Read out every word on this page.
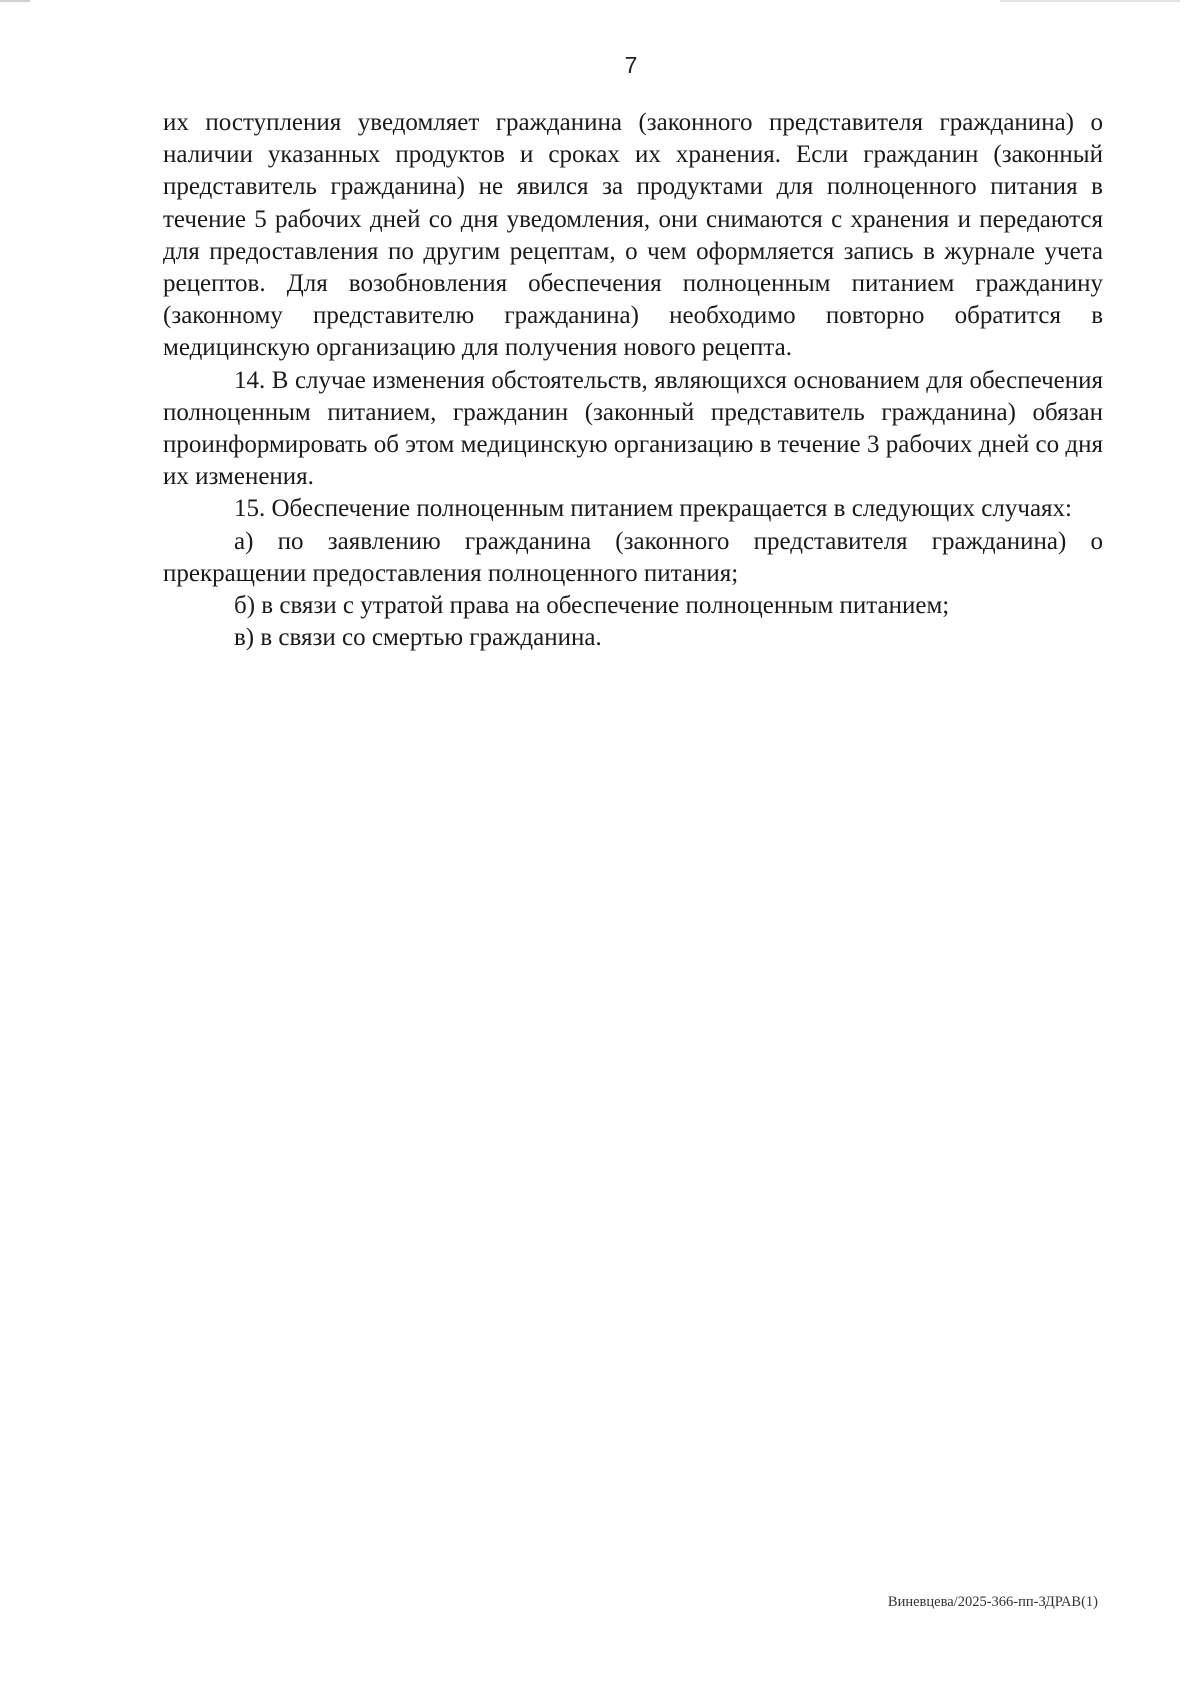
7

их поступления уведомляет гражданина (законного представителя гражданина) о наличии указанных продуктов и сроках их хранения. Если гражданин (законный представитель гражданина) не явился за продуктами для полноценного питания в течение 5 рабочих дней со дня уведомления, они снимаются с хранения и передаются для предоставления по другим рецептам, о чем оформляется запись в журнале учета рецептов. Для возобновления обеспечения полноценным питанием гражданину (законному представителю гражданина) необходимо повторно обратится в медицинскую организацию для получения нового рецепта.

14. В случае изменения обстоятельств, являющихся основанием для обеспечения полноценным питанием, гражданин (законный представитель гражданина) обязан проинформировать об этом медицинскую организацию в течение 3 рабочих дней со дня их изменения.

15. Обеспечение полноценным питанием прекращается в следующих случаях:

а) по заявлению гражданина (законного представителя гражданина) о прекращении предоставления полноценного питания;

б) в связи с утратой права на обеспечение полноценным питанием;

в) в связи со смертью гражданина.

Виневцева/2025-366-пп-ЗДРАВ(1)
